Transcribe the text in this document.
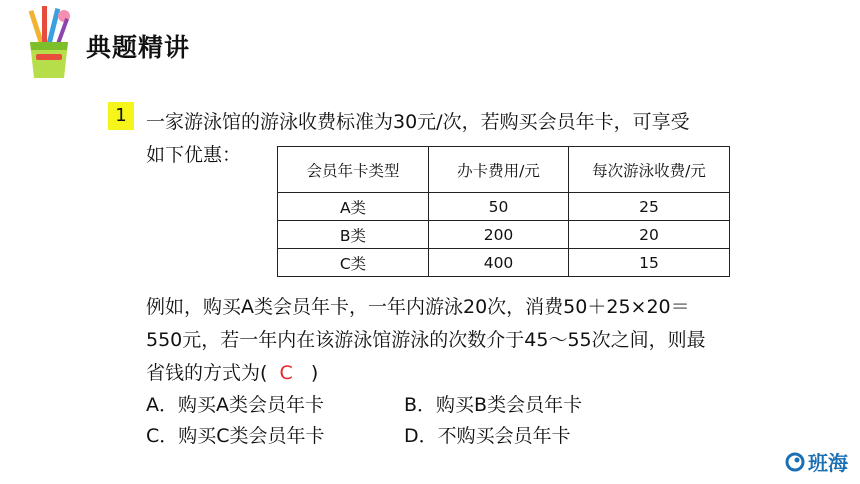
典题精讲
1	一家游泳馆的游泳收费标准为30元/次，若购买会员年卡，可享受
如下优惠：
会员年卡类型	办卡费用/元	每次游泳收费/元
A类	50	25
B类	200	20
C类	400	15
例如，购买A类会员年卡，一年内游泳20次，消费50＋25×20＝
550元，若一年内在该游泳馆游泳的次数介于45～55次之间，则最
省钱的方式为( C )
A．购买A类会员年卡	B．购买B类会员年卡
C．购买C类会员年卡	D．不购买会员年卡
班海
